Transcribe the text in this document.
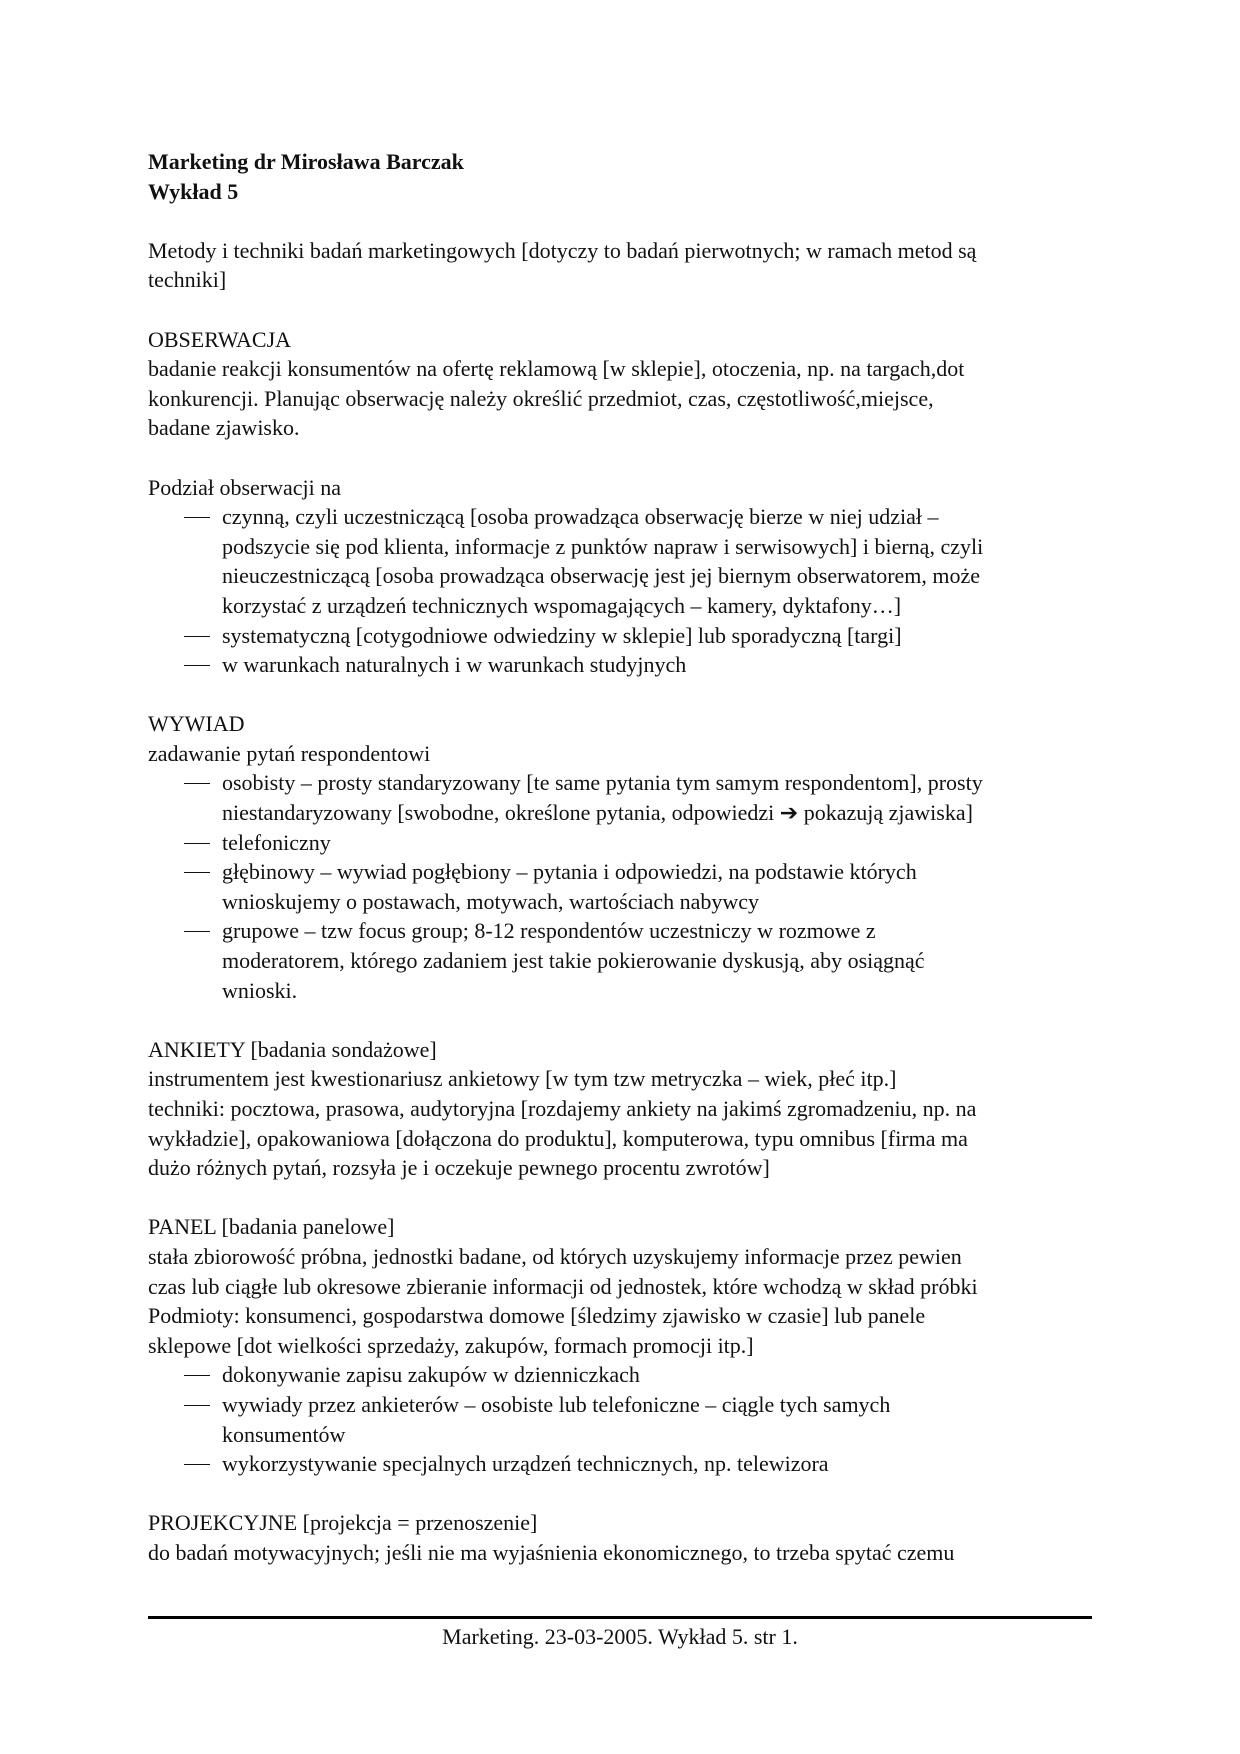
Marketing dr Mirosława Barczak
Wykład 5
Metody i techniki badań marketingowych [dotyczy to badań pierwotnych; w ramach metod są
techniki]
OBSERWACJA
badanie reakcji konsumentów na ofertę reklamową [w sklepie], otoczenia, np. na targach,dot
konkurencji. Planując obserwację należy określić przedmiot, czas, częstotliwość,miejsce,
badane zjawisko.
Podział obserwacji na
czynną, czyli uczestniczącą [osoba prowadząca obserwację bierze w niej udział –
podszycie się pod klienta, informacje z punktów napraw i serwisowych] i bierną, czyli
nieuczestniczącą [osoba prowadząca obserwację jest jej biernym obserwatorem, może
korzystać z urządzeń technicznych wspomagających – kamery, dyktafony…]
systematyczną [cotygodniowe odwiedziny w sklepie] lub sporadyczną [targi]
w warunkach naturalnych i w warunkach studyjnych
WYWIAD
zadawanie pytań respondentowi
osobisty – prosty standaryzowany [te same pytania tym samym respondentom], prosty
niestandaryzowany [swobodne, określone pytania, odpowiedzi ➔ pokazują zjawiska]
telefoniczny
głębinowy – wywiad pogłębiony – pytania i odpowiedzi, na podstawie których
wnioskujemy o postawach, motywach, wartościach nabywcy
grupowe – tzw focus group; 8-12 respondentów uczestniczy w rozmowe z
moderatorem, którego zadaniem jest takie pokierowanie dyskusją, aby osiągnąć
wnioski.
ANKIETY [badania sondażowe]
instrumentem jest kwestionariusz ankietowy [w tym tzw metryczka – wiek, płeć itp.]
techniki: pocztowa, prasowa, audytoryjna [rozdajemy ankiety na jakimś zgromadzeniu, np. na
wykładzie], opakowaniowa [dołączona do produktu], komputerowa, typu omnibus [firma ma
dużo różnych pytań, rozsyła je i oczekuje pewnego procentu zwrotów]
PANEL [badania panelowe]
stała zbiorowość próbna, jednostki badane, od których uzyskujemy informacje przez pewien
czas lub ciągłe lub okresowe zbieranie informacji od jednostek, które wchodzą w skład próbki
Podmioty: konsumenci, gospodarstwa domowe [śledzimy zjawisko w czasie] lub panele
sklepowe [dot wielkości sprzedaży, zakupów, formach promocji itp.]
dokonywanie zapisu zakupów w dzienniczkach
wywiady przez ankieterów – osobiste lub telefoniczne – ciągle tych samych
konsumentów
wykorzystywanie specjalnych urządzeń technicznych, np. telewizora
PROJEKCYJNE [projekcja = przenoszenie]
do badań motywacyjnych; jeśli nie ma wyjaśnienia ekonomicznego, to trzeba spytać czemu
Marketing. 23-03-2005. Wykład 5. str 1.
